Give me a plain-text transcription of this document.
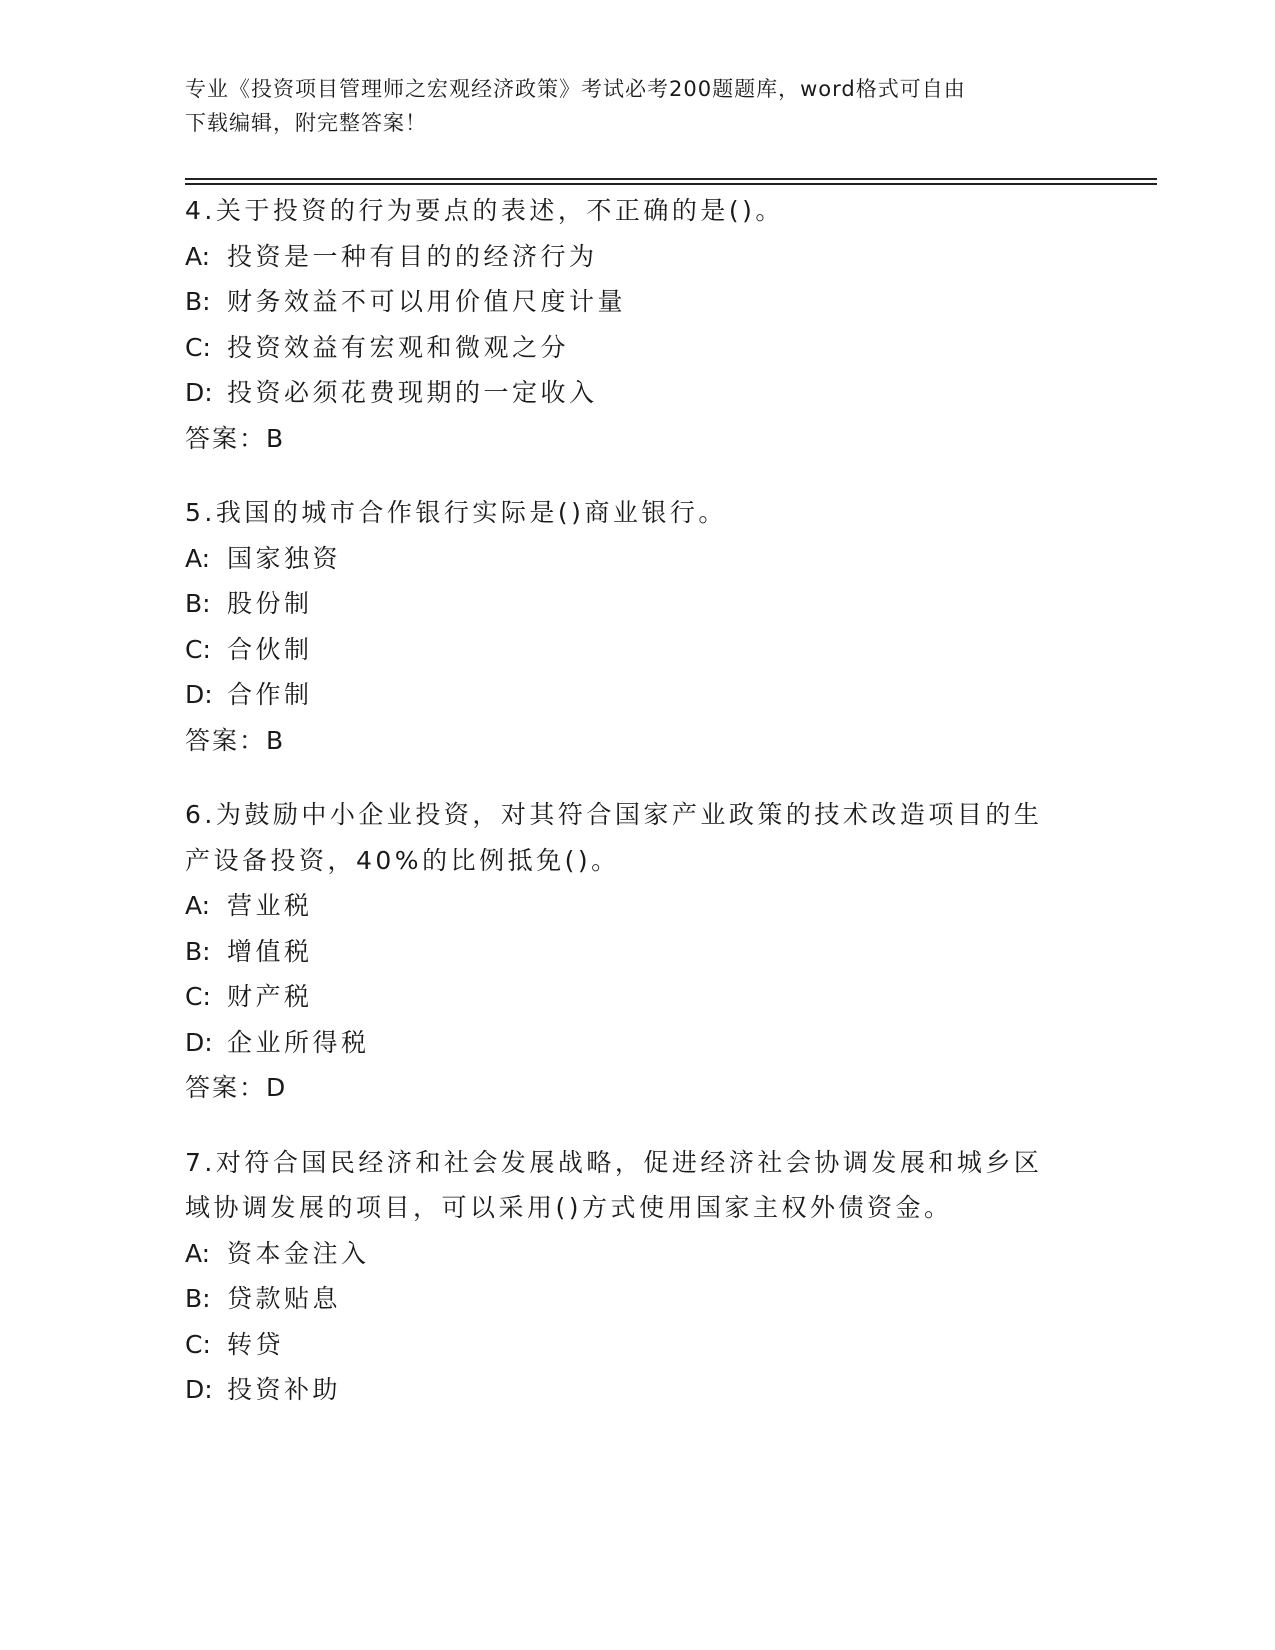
专业《投资项目管理师之宏观经济政策》考试必考200题题库，word格式可自由
下载编辑，附完整答案！
4.关于投资的行为要点的表述，不正确的是()。
A: 投资是一种有目的的经济行为
B: 财务效益不可以用价值尺度计量
C: 投资效益有宏观和微观之分
D: 投资必须花费现期的一定收入
答案：B
5.我国的城市合作银行实际是()商业银行。
A: 国家独资
B: 股份制
C: 合伙制
D: 合作制
答案：B
6.为鼓励中小企业投资，对其符合国家产业政策的技术改造项目的生产设备投资，40%的比例抵免()。
A: 营业税
B: 增值税
C: 财产税
D: 企业所得税
答案：D
7.对符合国民经济和社会发展战略，促进经济社会协调发展和城乡区域协调发展的项目，可以采用()方式使用国家主权外债资金。
A: 资本金注入
B: 贷款贴息
C: 转贷
D: 投资补助
